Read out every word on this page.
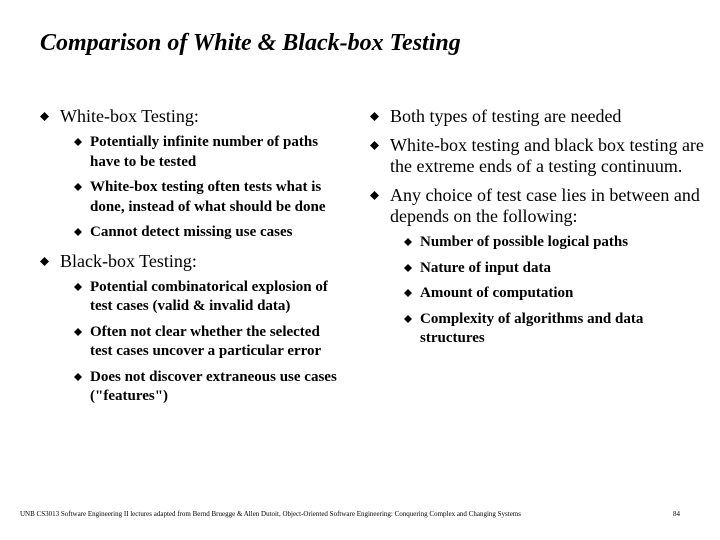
Comparison of White & Black-box Testing
White-box Testing:
Potentially infinite number of paths have to be tested
White-box testing often tests what is done, instead of what should be done
Cannot detect missing use cases
Black-box Testing:
Potential combinatorical explosion of test cases (valid & invalid data)
Often not clear whether the selected test cases uncover a particular error
Does not discover extraneous use cases ("features")
Both types of testing are needed
White-box testing and black box testing are the extreme ends of a testing continuum.
Any choice of test case lies in between and depends on the following:
Number of possible logical paths
Nature of input data
Amount of computation
Complexity of algorithms and data structures
UNB CS3013 Software Engineering II lectures adapted from Bernd Bruegge & Allen Dutoit, Object-Oriented Software Engineering: Conquering Complex and Changing Systems	84
